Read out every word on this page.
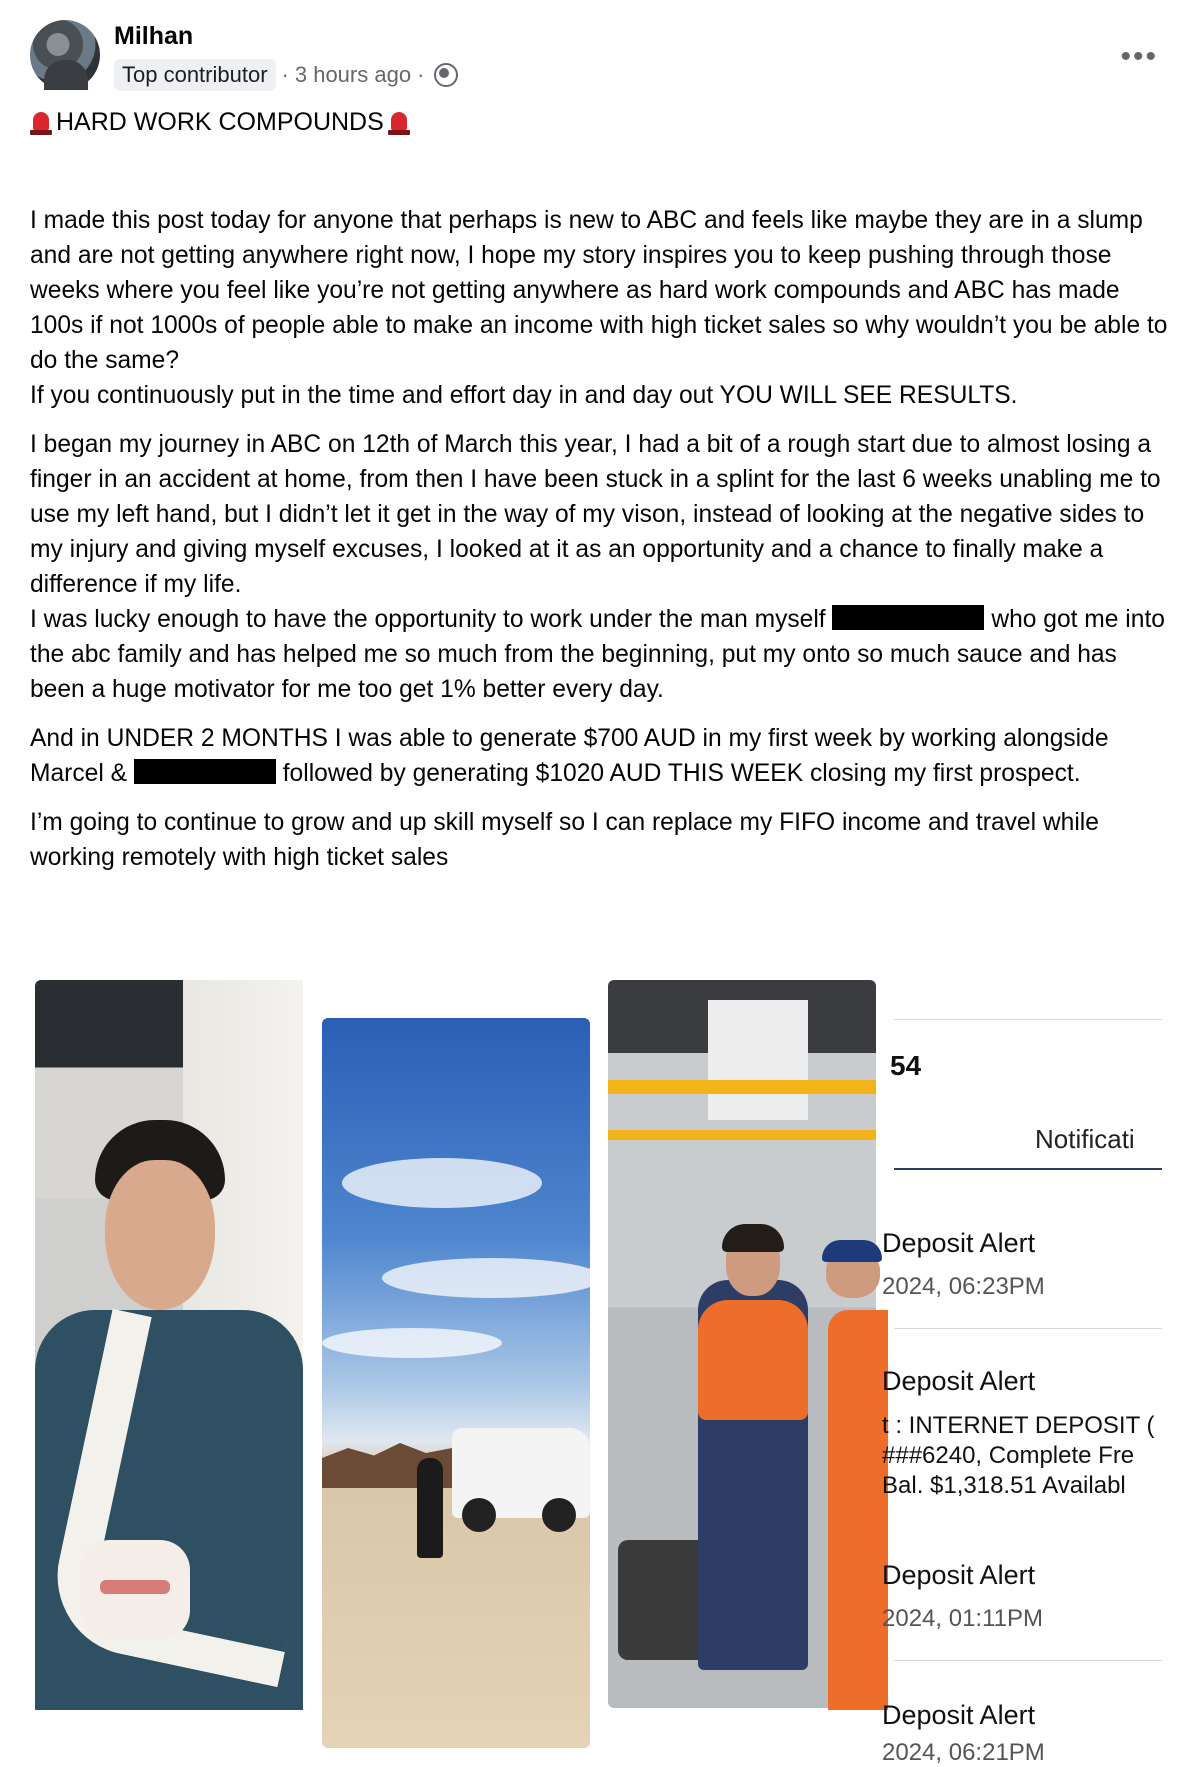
Milhan
Top contributor · 3 hours ago ·
•••
HARD WORK COMPOUNDS

I made this post today for anyone that perhaps is new to ABC and feels like maybe they are in a slump and are not getting anywhere right now, I hope my story inspires you to keep pushing through those weeks where you feel like you’re not getting anywhere as hard work compounds and ABC has made 100s if not 1000s of people able to make an income with high ticket sales so why wouldn’t you be able to do the same?
If you continuously put in the time and effort day in and day out YOU WILL SEE RESULTS.

I began my journey in ABC on 12th of March this year, I had a bit of a rough start due to almost losing a finger in an accident at home, from then I have been stuck in a splint for the last 6 weeks unabling me to use my left hand, but I didn’t let it get in the way of my vison, instead of looking at the negative sides to my injury and giving myself excuses, I looked at it as an opportunity and a chance to finally make a difference if my life.
I was lucky enough to have the opportunity to work under the man myself	who got me into the abc family and has helped me so much from the beginning, put my onto so much sauce and has been a huge motivator for me too get 1% better every day.

And in UNDER 2 MONTHS I was able to generate $700 AUD in my first week by working alongside Marcel &	followed by generating $1020 AUD THIS WEEK closing my first prospect.

I’m going to continue to grow and up skill myself so I can replace my FIFO income and travel while working remotely with high ticket sales

54
Notificati
Deposit Alert
2024, 06:23PM
Deposit Alert
t : INTERNET DEPOSIT (
###6240, Complete Fre
Bal. $1,318.51 Availabl
Deposit Alert
2024, 01:11PM
Deposit Alert
2024, 06:21PM
